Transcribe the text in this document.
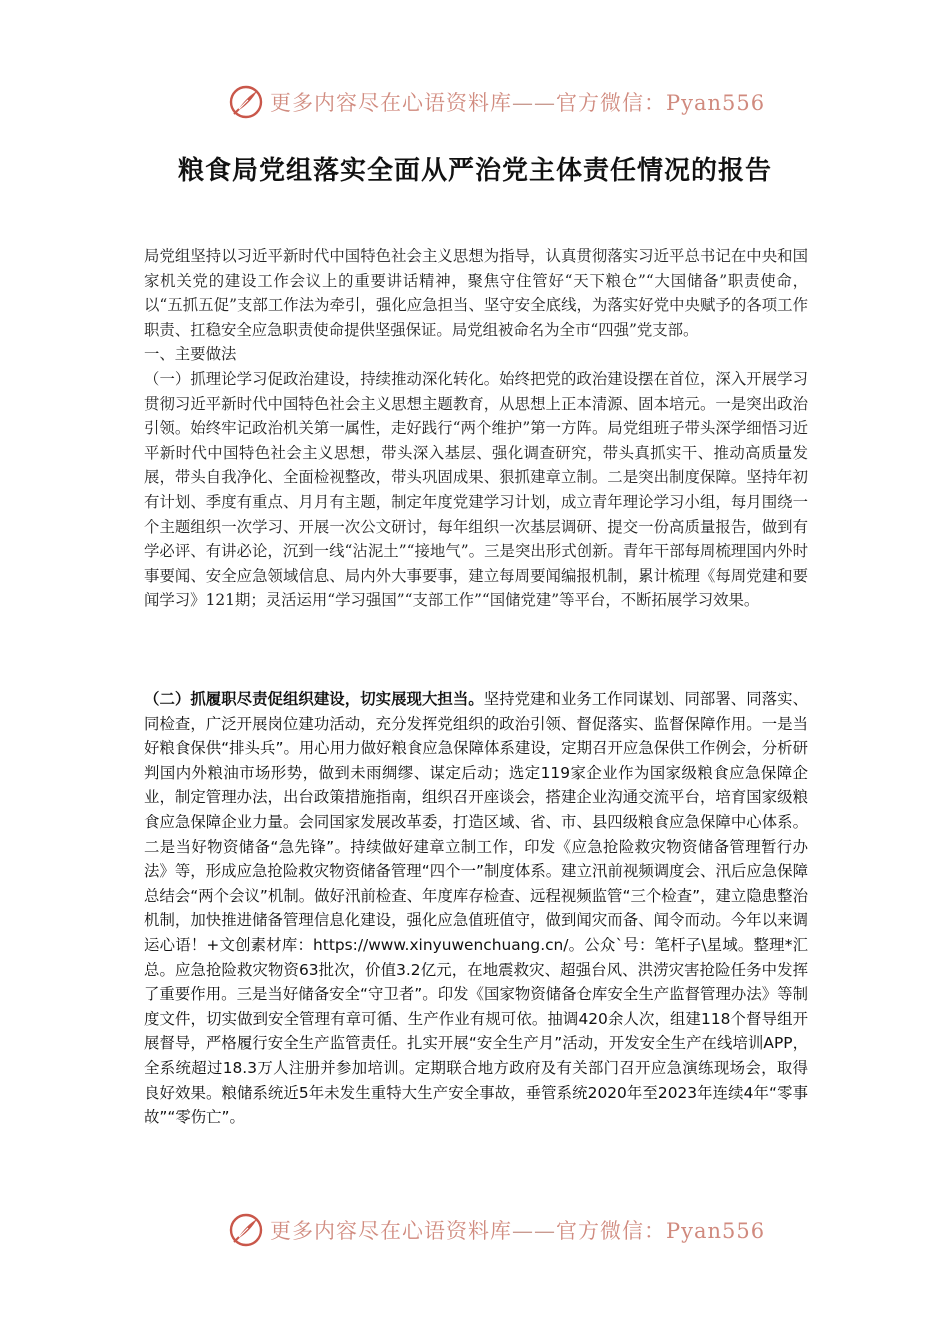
更多内容尽在心语资料库——官方微信：Pyan556
粮食局党组落实全面从严治党主体责任情况的报告

局党组坚持以习近平新时代中国特色社会主义思想为指导，认真贯彻落实习近平总书记在中央和国家机关党的建设工作会议上的重要讲话精神，聚焦守住管好“天下粮仓”“大国储备”职责使命，以“五抓五促”支部工作法为牵引，强化应急担当、坚守安全底线，为落实好党中央赋予的各项工作职责、扛稳安全应急职责使命提供坚强保证。局党组被命名为全市“四强”党支部。

一、主要做法

（一）抓理论学习促政治建设，持续推动深化转化。始终把党的政治建设摆在首位，深入开展学习贯彻习近平新时代中国特色社会主义思想主题教育，从思想上正本清源、固本培元。一是突出政治引领。始终牢记政治机关第一属性，走好践行“两个维护”第一方阵。局党组班子带头深学细悟习近平新时代中国特色社会主义思想，带头深入基层、强化调查研究，带头真抓实干、推动高质量发展，带头自我净化、全面检视整改，带头巩固成果、狠抓建章立制。二是突出制度保障。坚持年初有计划、季度有重点、月月有主题，制定年度党建学习计划，成立青年理论学习小组，每月围绕一个主题组织一次学习、开展一次公文研讨，每年组织一次基层调研、提交一份高质量报告，做到有学必评、有讲必论，沉到一线“沾泥土”“接地气”。三是突出形式创新。青年干部每周梳理国内外时事要闻、安全应急领域信息、局内外大事要事，建立每周要闻编报机制，累计梳理《每周党建和要闻学习》121期；灵活运用“学习强国”“支部工作”“国储党建”等平台，不断拓展学习效果。

（二）抓履职尽责促组织建设，切实展现大担当。坚持党建和业务工作同谋划、同部署、同落实、同检查，广泛开展岗位建功活动，充分发挥党组织的政治引领、督促落实、监督保障作用。一是当好粮食保供“排头兵”。用心用力做好粮食应急保障体系建设，定期召开应急保供工作例会，分析研判国内外粮油市场形势，做到未雨绸缪、谋定后动；选定119家企业作为国家级粮食应急保障企业，制定管理办法，出台政策措施指南，组织召开座谈会，搭建企业沟通交流平台，培育国家级粮食应急保障企业力量。会同国家发展改革委，打造区域、省、市、县四级粮食应急保障中心体系。二是当好物资储备“急先锋”。持续做好建章立制工作，印发《应急抢险救灾物资储备管理暂行办法》等，形成应急抢险救灾物资储备管理“四个一”制度体系。建立汛前视频调度会、汛后应急保障总结会“两个会议”机制。做好汛前检查、年度库存检查、远程视频监管“三个检查”，建立隐患整治机制，加快推进储备管理信息化建设，强化应急值班值守，做到闻灾而备、闻令而动。今年以来调运心语！+文创素材库：https://www.xinyuwenchuang.cn/。公众`号：笔杆子\星域。整理*汇总。应急抢险救灾物资63批次，价值3.2亿元，在地震救灾、超强台风、洪涝灾害抢险任务中发挥了重要作用。三是当好储备安全“守卫者”。印发《国家物资储备仓库安全生产监督管理办法》等制度文件，切实做到安全管理有章可循、生产作业有规可依。抽调420余人次，组建118个督导组开展督导，严格履行安全生产监管责任。扎实开展“安全生产月”活动，开发安全生产在线培训APP，全系统超过18.3万人注册并参加培训。定期联合地方政府及有关部门召开应急演练现场会，取得良好效果。粮储系统近5年未发生重特大生产安全事故，垂管系统2020年至2023年连续4年“零事故”“零伤亡”。

更多内容尽在心语资料库——官方微信：Pyan556
